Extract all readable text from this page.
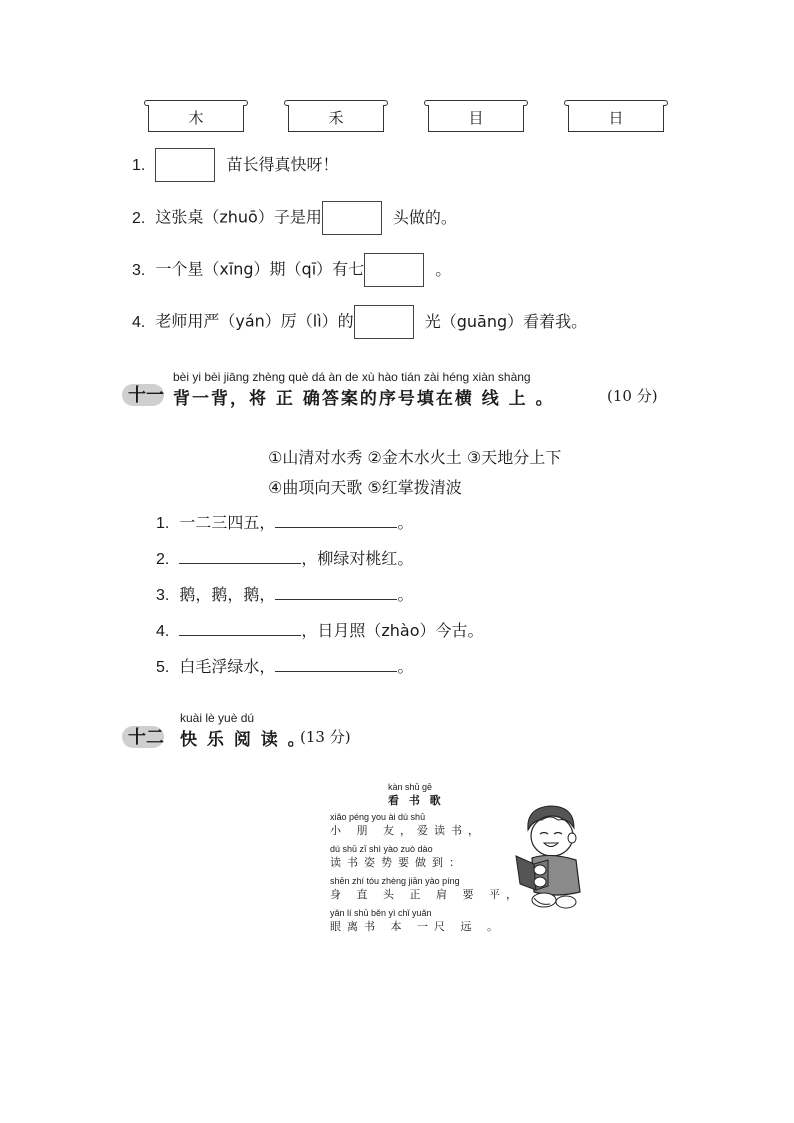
木	禾	目	日
1.	苗长得真快呀！
2. 这张桌（zhuō）子是用	头做的。
3. 一个星（xīng）期（qī）有七	。
4. 老师用严（yán）厉（lì）的	光（guāng）看着我。
十一
bèi yi bèi jiāng zhèng què dá àn de xù hào tián zài héng xiàn shàng
背一背，将 正 确答案的序号填在横 线 上 。	(10 分)
①山清对水秀 ②金木水火土 ③天地分上下
④曲项向天歌 ⑤红掌拨清波
1. 一二三四五，	。
2.	，柳绿对桃红。
3. 鹅，鹅，鹅，	。
4.	，日月照（zhào）今古。
5. 白毛浮绿水，	。
十二
kuài lè yuè dú
快 乐 阅 读 。
(13 分)
kàn shū gē
看 书 歌
xiǎo péng you ài dú shū
小 朋 友，爱读书，
dú shū zī shì yào zuò dào
读书姿势要做到：
shēn zhí tóu zhèng jiān yào píng
身 直 头 正 肩 要 平，
yǎn lí shū běn yì chǐ yuǎn
眼离书 本 一尺 远 。
